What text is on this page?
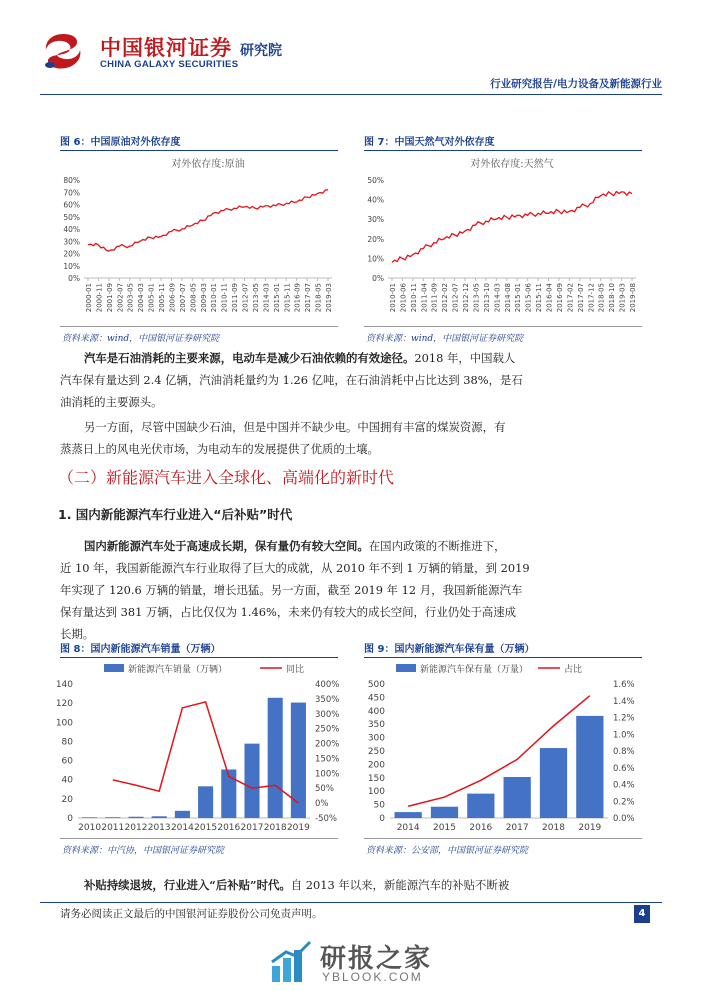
中国银河证券
CHINA GALAXY SECURITIES
研究院
行业研究报告/电力设备及新能源行业
图 6：中国原油对外依存度
对外依存度:原油
0%
10%
20%
30%
40%
50%
60%
70%
80%
2000-01 2000-11 2001-09 2002-07 2003-05 2004-03 2005-01 2005-11 2006-09 2007-07 2008-05 2009-03 2010-01 2010-11 2011-09 2012-07 2013-05 2014-03 2015-01 2015-11 2016-09 2017-07 2018-05 2019-03
资料来源：wind，中国银河证券研究院
图 7：中国天然气对外依存度
对外依存度:天然气
0%
10%
20%
30%
40%
50%
2010-01 2010-06 2010-11 2011-04 2011-09 2012-02 2012-07 2012-12 2013-05 2013-10 2014-03 2014-08 2015-01 2015-06 2015-11 2016-04 2016-09 2017-02 2017-07 2017-12 2018-05 2018-10 2019-03 2019-08
资料来源：wind，中国银河证券研究院
汽车是石油消耗的主要来源，电动车是减少石油依赖的有效途径。2018 年，中国载人
汽车保有量达到 2.4 亿辆，汽油消耗量约为 1.26 亿吨，在石油消耗中占比达到 38%，是石
油消耗的主要源头。
另一方面，尽管中国缺少石油，但是中国并不缺少电。中国拥有丰富的煤炭资源，有
蒸蒸日上的风电光伏市场，为电动车的发展提供了优质的土壤。
（二）新能源汽车进入全球化、高端化的新时代
1. 国内新能源汽车行业进入“后补贴”时代
国内新能源汽车处于高速成长期，保有量仍有较大空间。在国内政策的不断推进下，
近 10 年，我国新能源汽车行业取得了巨大的成就，从 2010 年不到 1 万辆的销量，到 2019
年实现了 120.6 万辆的销量，增长迅猛。另一方面，截至 2019 年 12 月，我国新能源汽车
保有量达到 381 万辆，占比仅仅为 1.46%，未来仍有较大的成长空间，行业仍处于高速成
长期。
图 8：国内新能源汽车销量（万辆）
新能源汽车销量（万辆）	同比
0
20
40
60
80
100
120
140
-50%
0%
50%
100%
150%
200%
250%
300%
350%
400%
2010 2011 2012 2013 2014 2015 2016 2017 2018 2019
资料来源：中汽协，中国银河证券研究院
图 9：国内新能源汽车保有量（万辆）
新能源汽车保有量（万量）	占比
0
50
100
150
200
250
300
350
400
450
500
0.0%
0.2%
0.4%
0.6%
0.8%
1.0%
1.2%
1.4%
1.6%
2014 2015 2016 2017 2018 2019
资料来源：公安部，中国银河证券研究院
补贴持续退坡，行业进入“后补贴”时代。自 2013 年以来，新能源汽车的补贴不断被
请务必阅读正文最后的中国银河证券股份公司免责声明。	4
研报之家
YBLOOK.COM
